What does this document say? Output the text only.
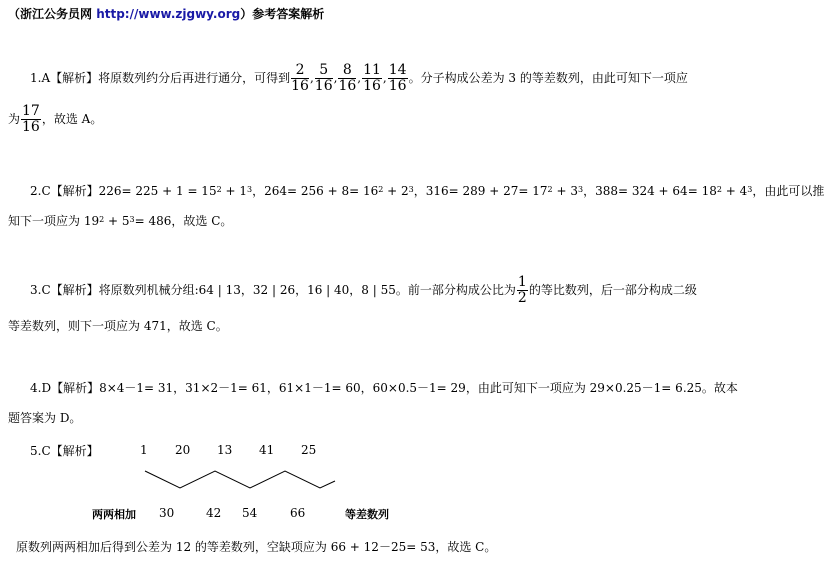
（浙江公务员网 http://www.zjgwy.org）参考答案解析
1.A【解析】将原数列约分后再进行通分，可得到 $\frac{2}{16}$ , $\frac{5}{16}$ , $\frac{8}{16}$ , $\frac{11}{16}$ , $\frac{14}{16}$ 。分子构成公差为 3 的等差数列，由此可知下一项应
为 $\frac{17}{16}$ ，故选 A。
2.C【解析】$226= 225 + 1 = 15^2 + 1^3$，$264= 256 + 8= 16^2 + 2^3$，$316= 289 + 27= 17^2 + 3^3$，$388= 324 + 64= 18^2 + 4^3$，由此可以推
知下一项应为 $19^2 + 5^3= 486$，故选 C。
3.C【解析】将原数列机械分组:64 | 13，32 | 26，16 | 40，8 | 55。前一部分构成公比为 $\frac{1}{2}$ 的等比数列，后一部分构成二级
等差数列，则下一项应为 471，故选 C。
4.D【解析】8×4－1= 31，31×2－1= 61，61×1－1= 60，60×0.5－1= 29，由此可知下一项应为 29×0.25－1= 6.25。故本
题答案为 D。
5.C【解析】	1 20 13 41 25
两两相加 30	42 54	66	等差数列
原数列两两相加后得到公差为 12 的等差数列，空缺项应为 66 + 12－25= 53，故选 C。
